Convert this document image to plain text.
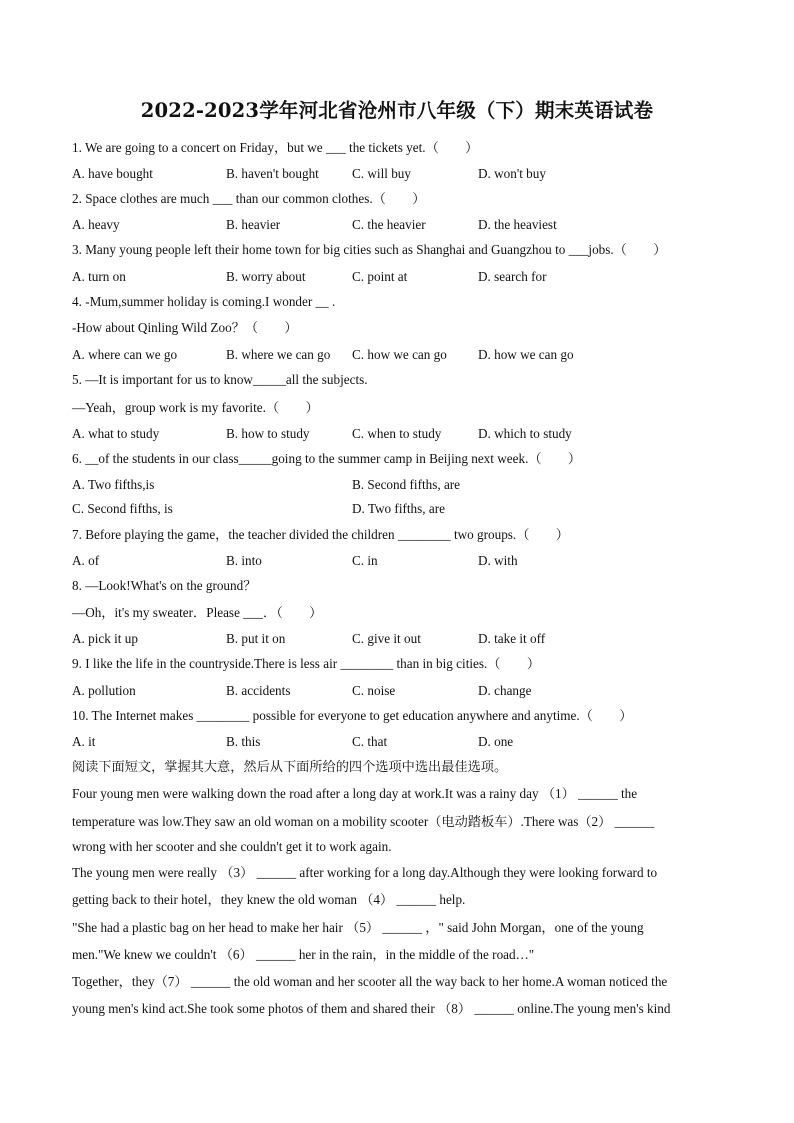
2022-2023学年河北省沧州市八年级（下）期末英语试卷
1. We are going to a concert on Friday，but we ___ the tickets yet.（　　）
A. have bought	B. haven't bought	C. will buy	D. won't buy
2. Space clothes are much ___ than our common clothes.（　　）
A. heavy	B. heavier	C. the heavier	D. the heaviest
3. Many young people left their home town for big cities such as Shanghai and Guangzhou to ___jobs.（　　）
A. turn on	B. worry about	C. point at	D. search for
4. -Mum,summer holiday is coming.I wonder __ .
-How about Qinling Wild Zoo？（　　）
A. where can we go	B. where we can go C. how we can go D. how we can go
5. —It is important for us to know_____all the subjects.
—Yeah，group work is my favorite.（　　）
A. what to study	B. how to study	C. when to study	D. which to study
6. __of the students in our class_____going to the summer camp in Beijing next week.（　　）
A. Two fifths,is	B. Second fifths, are
C. Second fifths, is	D. Two fifths, are
7. Before playing the game，the teacher divided the children ________ two groups.（　　）
A. of	B. into	C. in	D. with
8. —Look!What's on the ground？
—Oh，it's my sweater．Please ___．（　　）
A. pick it up	B. put it on	C. give it out	D. take it off
9. I like the life in the countryside.There is less air ________ than in big cities.（　　）
A. pollution	B. accidents	C. noise	D. change
10. The Internet makes ________ possible for everyone to get education anywhere and anytime.（　　）
A. it	B. this	C. that	D. one
阅读下面短文，掌握其大意，然后从下面所给的四个选项中选出最佳选项。
Four young men were walking down the road after a long day at work.It was a rainy day （1） ______ the
temperature was low.They saw an old woman on a mobility scooter（电动踏板车）.There was（2） ______
wrong with her scooter and she couldn't get it to work again.
The young men were really （3） ______ after working for a long day.Although they were looking forward to
getting back to their hotel，they knew the old woman （4） ______ help.
"She had a plastic bag on her head to make her hair （5） ______ ，" said John Morgan，one of the young
men."We knew we couldn't （6） ______ her in the rain，in the middle of the road…"
Together，they（7） ______ the old woman and her scooter all the way back to her home.A woman noticed the
young men's kind act.She took some photos of them and shared their （8） ______ online.The young men's kind
